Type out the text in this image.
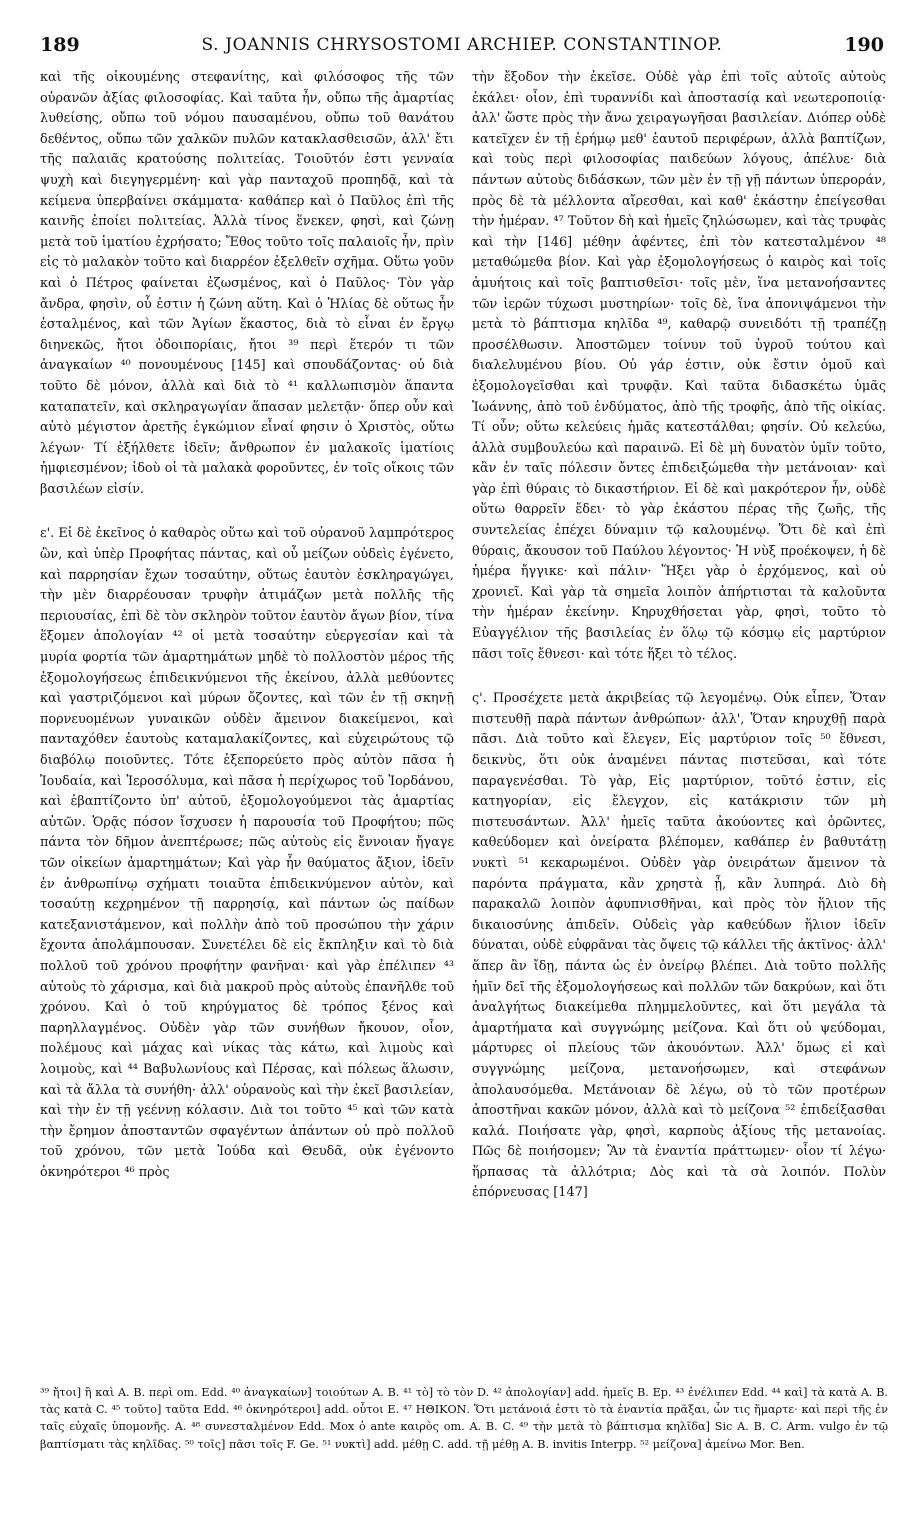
189	S. JOANNIS CHRYSOSTOMI ARCHIEP. CONSTANTINOP.	190

καὶ τῆς οἰκουμένης στεφανίτης, καὶ φιλόσοφος τῆς τῶν οὐρανῶν ἀξίας φιλοσοφίας. Καὶ ταῦτα ἦν, οὔπω τῆς ἁμαρτίας λυθείσης, οὔπω τοῦ νόμου παυσαμένου, οὔπω τοῦ θανάτου δεθέντος, οὔπω τῶν χαλκῶν πυλῶν κατακλασθεισῶν, ἀλλ' ἔτι τῆς παλαιᾶς κρατούσης πολιτείας. Τοιοῦτόν ἐστι γενναία ψυχὴ καὶ διεγηγερμένη· καὶ γὰρ πανταχοῦ προπηδᾷ, καὶ τὰ κείμενα ὑπερβαίνει σκάμματα· καθάπερ καὶ ὁ Παῦλος ἐπὶ τῆς καινῆς ἐποίει πολιτείας. Ἀλλὰ τίνος ἕνεκεν, φησὶ, καὶ ζώνῃ μετὰ τοῦ ἱματίου ἐχρήσατο; Ἔθος τοῦτο τοῖς παλαιοῖς ἦν, πρὶν εἰς τὸ μαλακὸν τοῦτο καὶ διαρρέον ἐξελθεῖν σχῆμα. Οὕτω γοῦν καὶ ὁ Πέτρος φαίνεται ἐζωσμένος, καὶ ὁ Παῦλος· Τὸν γὰρ ἄνδρα, φησὶν, οὗ ἐστιν ἡ ζώνη αὕτη. Καὶ ὁ Ἠλίας δὲ οὕτως ἦν ἐσταλμένος, καὶ τῶν Ἁγίων ἕκαστος, διὰ τὸ εἶναι ἐν ἔργῳ διηνεκῶς, ἤτοι ὁδοιπορίαις, ἤτοι ³⁹ περὶ ἕτερόν τι τῶν ἀναγκαίων ⁴⁰ πονουμένους [145] καὶ σπουδάζοντας· οὐ διὰ τοῦτο δὲ μόνον, ἀλλὰ καὶ διὰ τὸ ⁴¹ καλλωπισμὸν ἅπαντα καταπατεῖν, καὶ σκληραγωγίαν ἅπασαν μελετᾷν· ὅπερ οὖν καὶ αὐτὸ μέγιστον ἀρετῆς ἐγκώμιον εἶναί φησιν ὁ Χριστὸς, οὕτω λέγων· Τί ἐξήλθετε ἰδεῖν; ἄνθρωπον ἐν μαλακοῖς ἱματίοις ἠμφιεσμένον; ἰδοὺ οἱ τὰ μαλακὰ φοροῦντες, ἐν τοῖς οἴκοις τῶν βασιλέων εἰσίν.

ε'. Εἰ δὲ ἐκεῖνος ὁ καθαρὸς οὕτω καὶ τοῦ οὐρανοῦ λαμπρότερος ὢν, καὶ ὑπὲρ Προφήτας πάντας, καὶ οὗ μείζων οὐδεὶς ἐγένετο, καὶ παρρησίαν ἔχων τοσαύτην, οὕτως ἑαυτὸν ἐσκληραγώγει, τὴν μὲν διαρρέουσαν τρυφὴν ἀτιμάζων μετὰ πολλῆς τῆς περιουσίας, ἐπὶ δὲ τὸν σκληρὸν τοῦτον ἑαυτὸν ἄγων βίον, τίνα ἕξομεν ἀπολογίαν ⁴² οἱ μετὰ τοσαύτην εὐεργεσίαν καὶ τὰ μυρία φορτία τῶν ἁμαρτημάτων μηδὲ τὸ πολλοστὸν μέρος τῆς ἐξομολογήσεως ἐπιδεικνύμενοι τῆς ἐκείνου, ἀλλὰ μεθύοντες καὶ γαστριζόμενοι καὶ μύρων ὄζοντες, καὶ τῶν ἐν τῇ σκηνῇ πορνευομένων γυναικῶν οὐδὲν ἄμεινον διακείμενοι, καὶ πανταχόθεν ἑαυτοὺς καταμαλακίζοντες, καὶ εὐχειρώτους τῷ διαβόλῳ ποιοῦντες. Τότε ἐξεπορεύετο πρὸς αὐτὸν πᾶσα ἡ Ἰουδαία, καὶ Ἱεροσόλυμα, καὶ πᾶσα ἡ περίχωρος τοῦ Ἰορδάνου, καὶ ἐβαπτίζοντο ὑπ' αὐτοῦ, ἐξομολογούμενοι τὰς ἁμαρτίας αὐτῶν. Ὁρᾷς πόσον ἴσχυσεν ἡ παρουσία τοῦ Προφήτου; πῶς πάντα τὸν δῆμον ἀνεπτέρωσε; πῶς αὐτοὺς εἰς ἔννοιαν ἤγαγε τῶν οἰκείων ἁμαρτημάτων; Καὶ γὰρ ἦν θαύματος ἄξιον, ἰδεῖν ἐν ἀνθρωπίνῳ σχήματι τοιαῦτα ἐπιδεικνύμενον αὐτὸν, καὶ τοσαύτῃ κεχρημένον τῇ παρρησίᾳ, καὶ πάντων ὡς παίδων κατεξανιστάμενον, καὶ πολλὴν ἀπὸ τοῦ προσώπου τὴν χάριν ἔχοντα ἀπολάμπουσαν. Συνετέλει δὲ εἰς ἔκπληξιν καὶ τὸ διὰ πολλοῦ τοῦ χρόνου προφήτην φανῆναι· καὶ γὰρ ἐπέλιπεν ⁴³ αὐτοὺς τὸ χάρισμα, καὶ διὰ μακροῦ πρὸς αὐτοὺς ἐπανῆλθε τοῦ χρόνου. Καὶ ὁ τοῦ κηρύγματος δὲ τρόπος ξένος καὶ παρηλλαγμένος. Οὐδὲν γὰρ τῶν συνήθων ἤκουον, οἷον, πολέμους καὶ μάχας καὶ νίκας τὰς κάτω, καὶ λιμοὺς καὶ λοιμοὺς, καὶ ⁴⁴ Βαβυλωνίους καὶ Πέρσας, καὶ πόλεως ἅλωσιν, καὶ τὰ ἄλλα τὰ συνήθη· ἀλλ' οὐρανοὺς καὶ τὴν ἐκεῖ βασιλείαν, καὶ τὴν ἐν τῇ γεέννῃ κόλασιν. Διὰ τοι τοῦτο ⁴⁵ καὶ τῶν κατὰ τὴν ἔρημον ἀποσταντῶν σφαγέντων ἀπάντων οὐ πρὸ πολλοῦ τοῦ χρόνου, τῶν μετὰ Ἰούδα καὶ Θευδᾶ, οὐκ ἐγένοντο ὀκνηρότεροι ⁴⁶ πρὸς

τὴν ἔξοδον τὴν ἐκεῖσε. Οὐδὲ γὰρ ἐπὶ τοῖς αὐτοῖς αὐτοὺς ἐκάλει· οἷον, ἐπὶ τυραννίδι καὶ ἀποστασίᾳ καὶ νεωτεροποιίᾳ· ἀλλ' ὥστε πρὸς τὴν ἄνω χειραγωγῆσαι βασιλείαν. Διόπερ οὐδὲ κατεῖχεν ἐν τῇ ἐρήμῳ μεθ' ἑαυτοῦ περιφέρων, ἀλλὰ βαπτίζων, καὶ τοὺς περὶ φιλοσοφίας παιδεύων λόγους, ἀπέλυε· διὰ πάντων αὐτοὺς διδάσκων, τῶν μὲν ἐν τῇ γῇ πάντων ὑπεροράν, πρὸς δὲ τὰ μέλλοντα αἴρεσθαι, καὶ καθ' ἑκάστην ἐπείγεσθαι τὴν ἡμέραν. ⁴⁷ Τοῦτον δὴ καὶ ἡμεῖς ζηλώσωμεν, καὶ τὰς τρυφὰς καὶ τὴν [146] μέθην ἀφέντες, ἐπὶ τὸν κατεσταλμένον ⁴⁸ μεταθώμεθα βίον. Καὶ γὰρ ἐξομολογήσεως ὁ καιρὸς καὶ τοῖς ἀμυήτοις καὶ τοῖς βαπτισθεῖσι· τοῖς μὲν, ἵνα μετανοήσαντες τῶν ἱερῶν τύχωσι μυστηρίων· τοῖς δὲ, ἵνα ἀπονιψάμενοι τὴν μετὰ τὸ βάπτισμα κηλῖδα ⁴⁹, καθαρῷ συνειδότι τῇ τραπέζῃ προσέλθωσιν. Ἀποστῶμεν τοίνυν τοῦ ὑγροῦ τούτου καὶ διαλελυμένου βίου. Οὐ γάρ ἐστιν, οὐκ ἔστιν ὁμοῦ καὶ ἐξομολογεῖσθαι καὶ τρυφᾷν. Καὶ ταῦτα διδασκέτω ὑμᾶς Ἰωάννης, ἀπὸ τοῦ ἐνδύματος, ἀπὸ τῆς τροφῆς, ἀπὸ τῆς οἰκίας. Τί οὖν; οὕτω κελεύεις ἡμᾶς κατεστάλθαι; φησίν. Οὐ κελεύω, ἀλλὰ συμβουλεύω καὶ παραινῶ. Εἰ δὲ μὴ δυνατὸν ὑμῖν τοῦτο, κἂν ἐν ταῖς πόλεσιν ὄντες ἐπιδειξώμεθα τὴν μετάνοιαν· καὶ γὰρ ἐπὶ θύραις τὸ δικαστήριον. Εἰ δὲ καὶ μακρότερον ἦν, οὐδὲ οὕτω θαρρεῖν ἔδει· τὸ γὰρ ἑκάστου πέρας τῆς ζωῆς, τῆς συντελείας ἐπέχει δύναμιν τῷ καλουμένῳ. Ὅτι δὲ καὶ ἐπὶ θύραις, ἄκουσον τοῦ Παύλου λέγοντος· Ἡ νὺξ προέκοψεν, ἡ δὲ ἡμέρα ἤγγικε· καὶ πάλιν· Ἥξει γὰρ ὁ ἐρχόμενος, καὶ οὐ χρονιεῖ. Καὶ γὰρ τὰ σημεῖα λοιπὸν ἀπήρτισται τὰ καλοῦντα τὴν ἡμέραν ἐκείνην. Κηρυχθήσεται γὰρ, φησὶ, τοῦτο τὸ Εὐαγγέλιον τῆς βασιλείας ἐν ὅλῳ τῷ κόσμῳ εἰς μαρτύριον πᾶσι τοῖς ἔθνεσι· καὶ τότε ἥξει τὸ τέλος.

ς'. Προσέχετε μετὰ ἀκριβείας τῷ λεγομένῳ. Οὐκ εἶπεν, Ὅταν πιστευθῇ παρὰ πάντων ἀνθρώπων· ἀλλ', Ὅταν κηρυχθῇ παρὰ πᾶσι. Διὰ τοῦτο καὶ ἔλεγεν, Εἰς μαρτύριον τοῖς ⁵⁰ ἔθνεσι, δεικνὺς, ὅτι οὐκ ἀναμένει πάντας πιστεῦσαι, καὶ τότε παραγενέσθαι. Τὸ γὰρ, Εἰς μαρτύριον, τοῦτό ἐστιν, εἰς κατηγορίαν, εἰς ἔλεγχον, εἰς κατάκρισιν τῶν μὴ πιστευσάντων. Ἀλλ' ἡμεῖς ταῦτα ἀκούοντες καὶ ὁρῶντες, καθεύδομεν καὶ ὀνείρατα βλέπομεν, καθάπερ ἐν βαθυτάτῃ νυκτὶ ⁵¹ κεκαρωμένοι. Οὐδὲν γὰρ ὀνειράτων ἄμεινον τὰ παρόντα πράγματα, κἂν χρηστὰ ᾖ, κἂν λυπηρά. Διὸ δὴ παρακαλῶ λοιπὸν ἀφυπνισθῆναι, καὶ πρὸς τὸν ἥλιον τῆς δικαιοσύνης ἀπιδεῖν. Οὐδεὶς γὰρ καθεύδων ἥλιον ἰδεῖν δύναται, οὐδὲ εὐφρᾶναι τὰς ὄψεις τῷ κάλλει τῆς ἀκτῖνος· ἀλλ' ἅπερ ἂν ἴδῃ, πάντα ὡς ἐν ὀνείρῳ βλέπει. Διὰ τοῦτο πολλῆς ἡμῖν δεῖ τῆς ἐξομολογήσεως καὶ πολλῶν τῶν δακρύων, καὶ ὅτι ἀναλγήτως διακείμεθα πλημμελοῦντες, καὶ ὅτι μεγάλα τὰ ἁμαρτήματα καὶ συγγνώμης μείζονα. Καὶ ὅτι οὐ ψεύδομαι, μάρτυρες οἱ πλείους τῶν ἀκουόντων. Ἀλλ' ὅμως εἰ καὶ συγγνώμης μείζονα, μετανοήσωμεν, καὶ στεφάνων ἀπολαυσόμεθα. Μετάνοιαν δὲ λέγω, οὐ τὸ τῶν προτέρων ἀποστῆναι κακῶν μόνον, ἀλλὰ καὶ τὸ μείζονα ⁵² ἐπιδείξασθαι καλά. Ποιήσατε γὰρ, φησὶ, καρποὺς ἀξίους τῆς μετανοίας. Πῶς δὲ ποιήσομεν; Ἂν τὰ ἐναντία πράττωμεν· οἷον τί λέγω· ἥρπασας τὰ ἀλλότρια; Δὸς καὶ τὰ σὰ λοιπόν. Πολὺν ἐπόρνευσας [147]

³⁹ ἤτοι] ἢ καὶ A. B. περὶ om. Edd. ⁴⁰ ἀναγκαίων] τοιούτων A. B. ⁴¹ τὸ] τὸ τὸν D. ⁴² ἀπολογίαν] add. ἡμεῖς B. Ep. ⁴³ ἐνέλιπεν Edd. ⁴⁴ καὶ] τὰ κατὰ A. B. τὰς κατὰ C. ⁴⁵ τοῦτο] ταῦτα Edd. ⁴⁶ ὀκνηρότεροι] add. οὗτοι E. ⁴⁷ ΗΘΙΚΟΝ. Ὅτι μετάνοιά ἐστι τὸ τὰ ἐναντία πρᾶξαι, ὧν τις ἥμαρτε· καὶ περὶ τῆς ἐν ταῖς εὐχαῖς ὑπομονῆς. A. ⁴⁸ συνεσταλμένον Edd. Mox ὁ ante καιρὸς om. A. B. C. ⁴⁹ τὴν μετὰ τὸ βάπτισμα κηλῖδα] Sic A. B. C. Arm. vulgo ἐν τῷ βαπτίσματι τὰς κηλῖδας. ⁵⁰ τοῖς] πᾶσι τοῖς F. Ge. ⁵¹ νυκτὶ] add. μέθῃ C. add. τῇ μέθῃ A. B. invitis Interpp. ⁵² μείζονα] ἀμείνω Mor. Ben.
